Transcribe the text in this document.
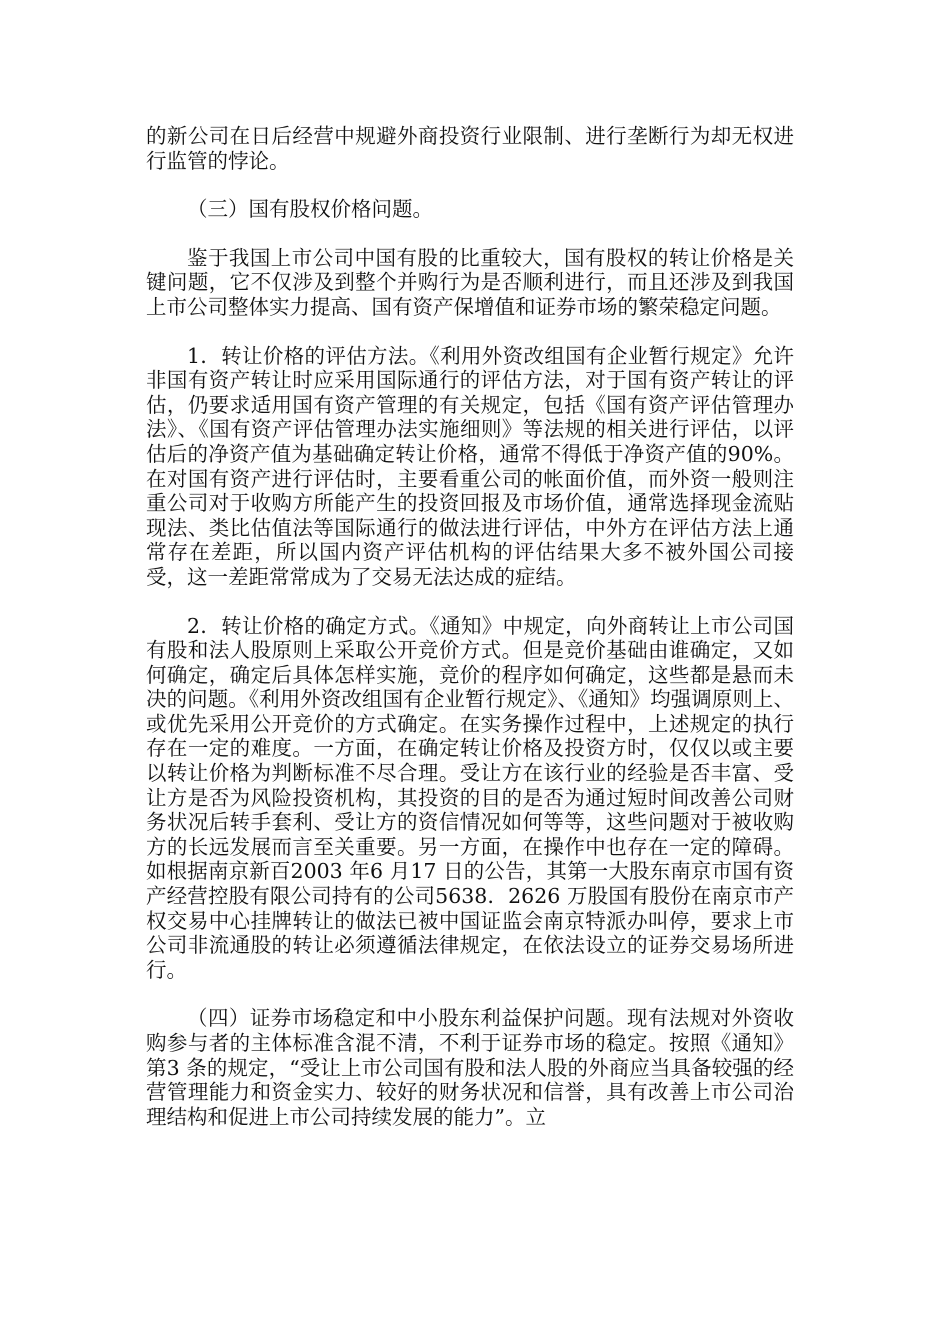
的新公司在日后经营中规避外商投资行业限制、进行垄断行为却无权进行监管的悖论。

（三）国有股权价格问题。

鉴于我国上市公司中国有股的比重较大，国有股权的转让价格是关键问题，它不仅涉及到整个并购行为是否顺利进行，而且还涉及到我国上市公司整体实力提高、国有资产保增值和证券市场的繁荣稳定问题。

1．转让价格的评估方法。《利用外资改组国有企业暂行规定》允许非国有资产转让时应采用国际通行的评估方法，对于国有资产转让的评估，仍要求适用国有资产管理的有关规定，包括《国有资产评估管理办法》、《国有资产评估管理办法实施细则》等法规的相关进行评估，以评估后的净资产值为基础确定转让价格，通常不得低于净资产值的90%。在对国有资产进行评估时，主要看重公司的帐面价值，而外资一般则注重公司对于收购方所能产生的投资回报及市场价值，通常选择现金流贴现法、类比估值法等国际通行的做法进行评估，中外方在评估方法上通常存在差距，所以国内资产评估机构的评估结果大多不被外国公司接受，这一差距常常成为了交易无法达成的症结。

2．转让价格的确定方式。《通知》中规定，向外商转让上市公司国有股和法人股原则上采取公开竞价方式。但是竞价基础由谁确定，又如何确定，确定后具体怎样实施，竞价的程序如何确定，这些都是悬而未决的问题。《利用外资改组国有企业暂行规定》、《通知》均强调原则上、或优先采用公开竞价的方式确定。在实务操作过程中，上述规定的执行存在一定的难度。一方面，在确定转让价格及投资方时，仅仅以或主要以转让价格为判断标准不尽合理。受让方在该行业的经验是否丰富、受让方是否为风险投资机构，其投资的目的是否为通过短时间改善公司财务状况后转手套利、受让方的资信情况如何等等，这些问题对于被收购方的长远发展而言至关重要。另一方面，在操作中也存在一定的障碍。如根据南京新百2003 年6 月17 日的公告，其第一大股东南京市国有资产经营控股有限公司持有的公司5638．2626 万股国有股份在南京市产权交易中心挂牌转让的做法已被中国证监会南京特派办叫停，要求上市公司非流通股的转让必须遵循法律规定，在依法设立的证券交易场所进行。

（四）证券市场稳定和中小股东利益保护问题。现有法规对外资收购参与者的主体标准含混不清，不利于证券市场的稳定。按照《通知》第3 条的规定，“受让上市公司国有股和法人股的外商应当具备较强的经营管理能力和资金实力、较好的财务状况和信誉，具有改善上市公司治理结构和促进上市公司持续发展的能力”。立
